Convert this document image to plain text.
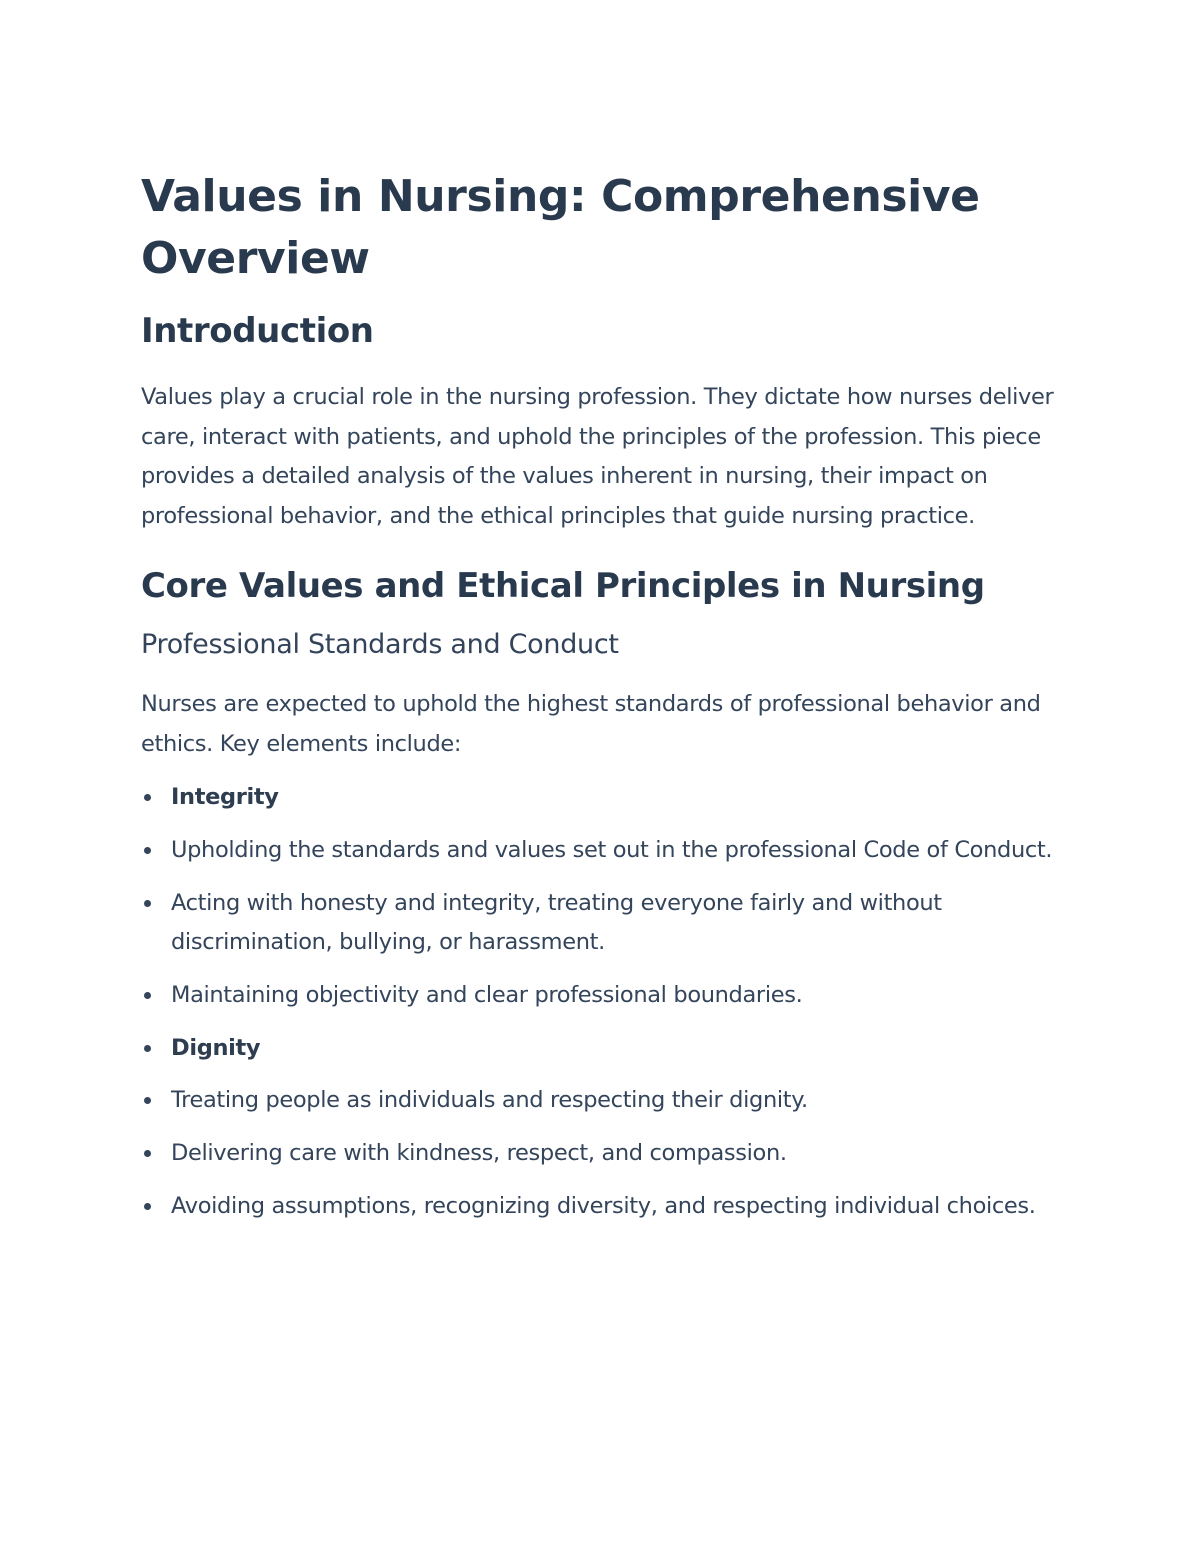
Values in Nursing: Comprehensive Overview
Introduction

Values play a crucial role in the nursing profession. They dictate how nurses deliver care, interact with patients, and uphold the principles of the profession. This piece provides a detailed analysis of the values inherent in nursing, their impact on professional behavior, and the ethical principles that guide nursing practice.

Core Values and Ethical Principles in Nursing
Professional Standards and Conduct

Nurses are expected to uphold the highest standards of professional behavior and ethics. Key elements include:

Integrity
Upholding the standards and values set out in the professional Code of Conduct.
Acting with honesty and integrity, treating everyone fairly and without discrimination, bullying, or harassment.
Maintaining objectivity and clear professional boundaries.
Dignity
Treating people as individuals and respecting their dignity.
Delivering care with kindness, respect, and compassion.
Avoiding assumptions, recognizing diversity, and respecting individual choices.
